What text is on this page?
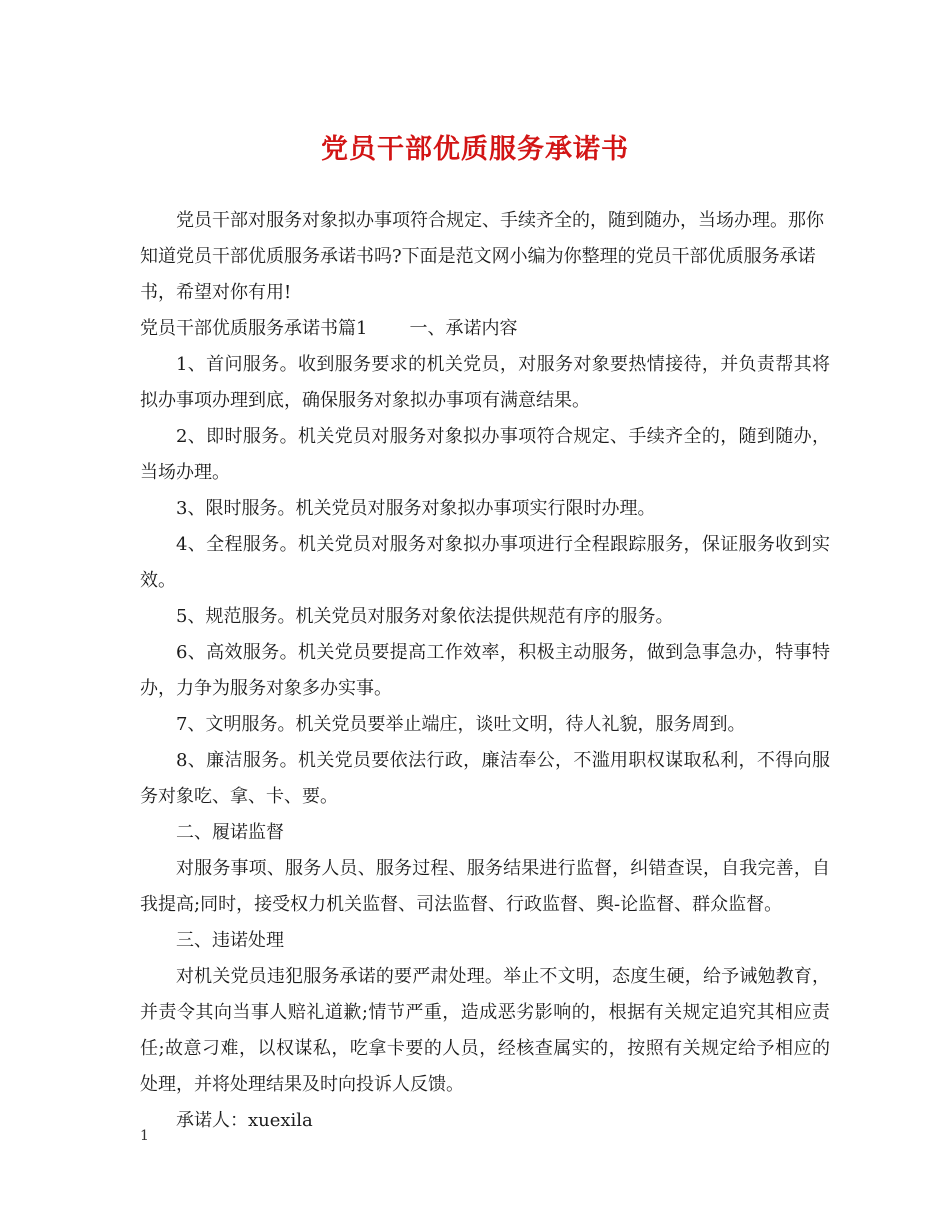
党员干部优质服务承诺书

党员干部对服务对象拟办事项符合规定、手续齐全的，随到随办，当场办理。那你知道党员干部优质服务承诺书吗?下面是范文网小编为你整理的党员干部优质服务承诺书，希望对你有用!

党员干部优质服务承诺书篇1 一、承诺内容

1、首问服务。收到服务要求的机关党员，对服务对象要热情接待，并负责帮其将拟办事项办理到底，确保服务对象拟办事项有满意结果。

2、即时服务。机关党员对服务对象拟办事项符合规定、手续齐全的，随到随办，当场办理。

3、限时服务。机关党员对服务对象拟办事项实行限时办理。

4、全程服务。机关党员对服务对象拟办事项进行全程跟踪服务，保证服务收到实效。

5、规范服务。机关党员对服务对象依法提供规范有序的服务。

6、高效服务。机关党员要提高工作效率，积极主动服务，做到急事急办，特事特办，力争为服务对象多办实事。

7、文明服务。机关党员要举止端庄，谈吐文明，待人礼貌，服务周到。

8、廉洁服务。机关党员要依法行政，廉洁奉公，不滥用职权谋取私利，不得向服务对象吃、拿、卡、要。

二、履诺监督

对服务事项、服务人员、服务过程、服务结果进行监督，纠错查误，自我完善，自我提高;同时，接受权力机关监督、司法监督、行政监督、舆-论监督、群众监督。

三、违诺处理

对机关党员违犯服务承诺的要严肃处理。举止不文明，态度生硬，给予诫勉教育，并责令其向当事人赔礼道歉;情节严重，造成恶劣影响的，根据有关规定追究其相应责任;故意刁难，以权谋私，吃拿卡要的人员，经核查属实的，按照有关规定给予相应的处理，并将处理结果及时向投诉人反馈。

承诺人：xuexila

1
